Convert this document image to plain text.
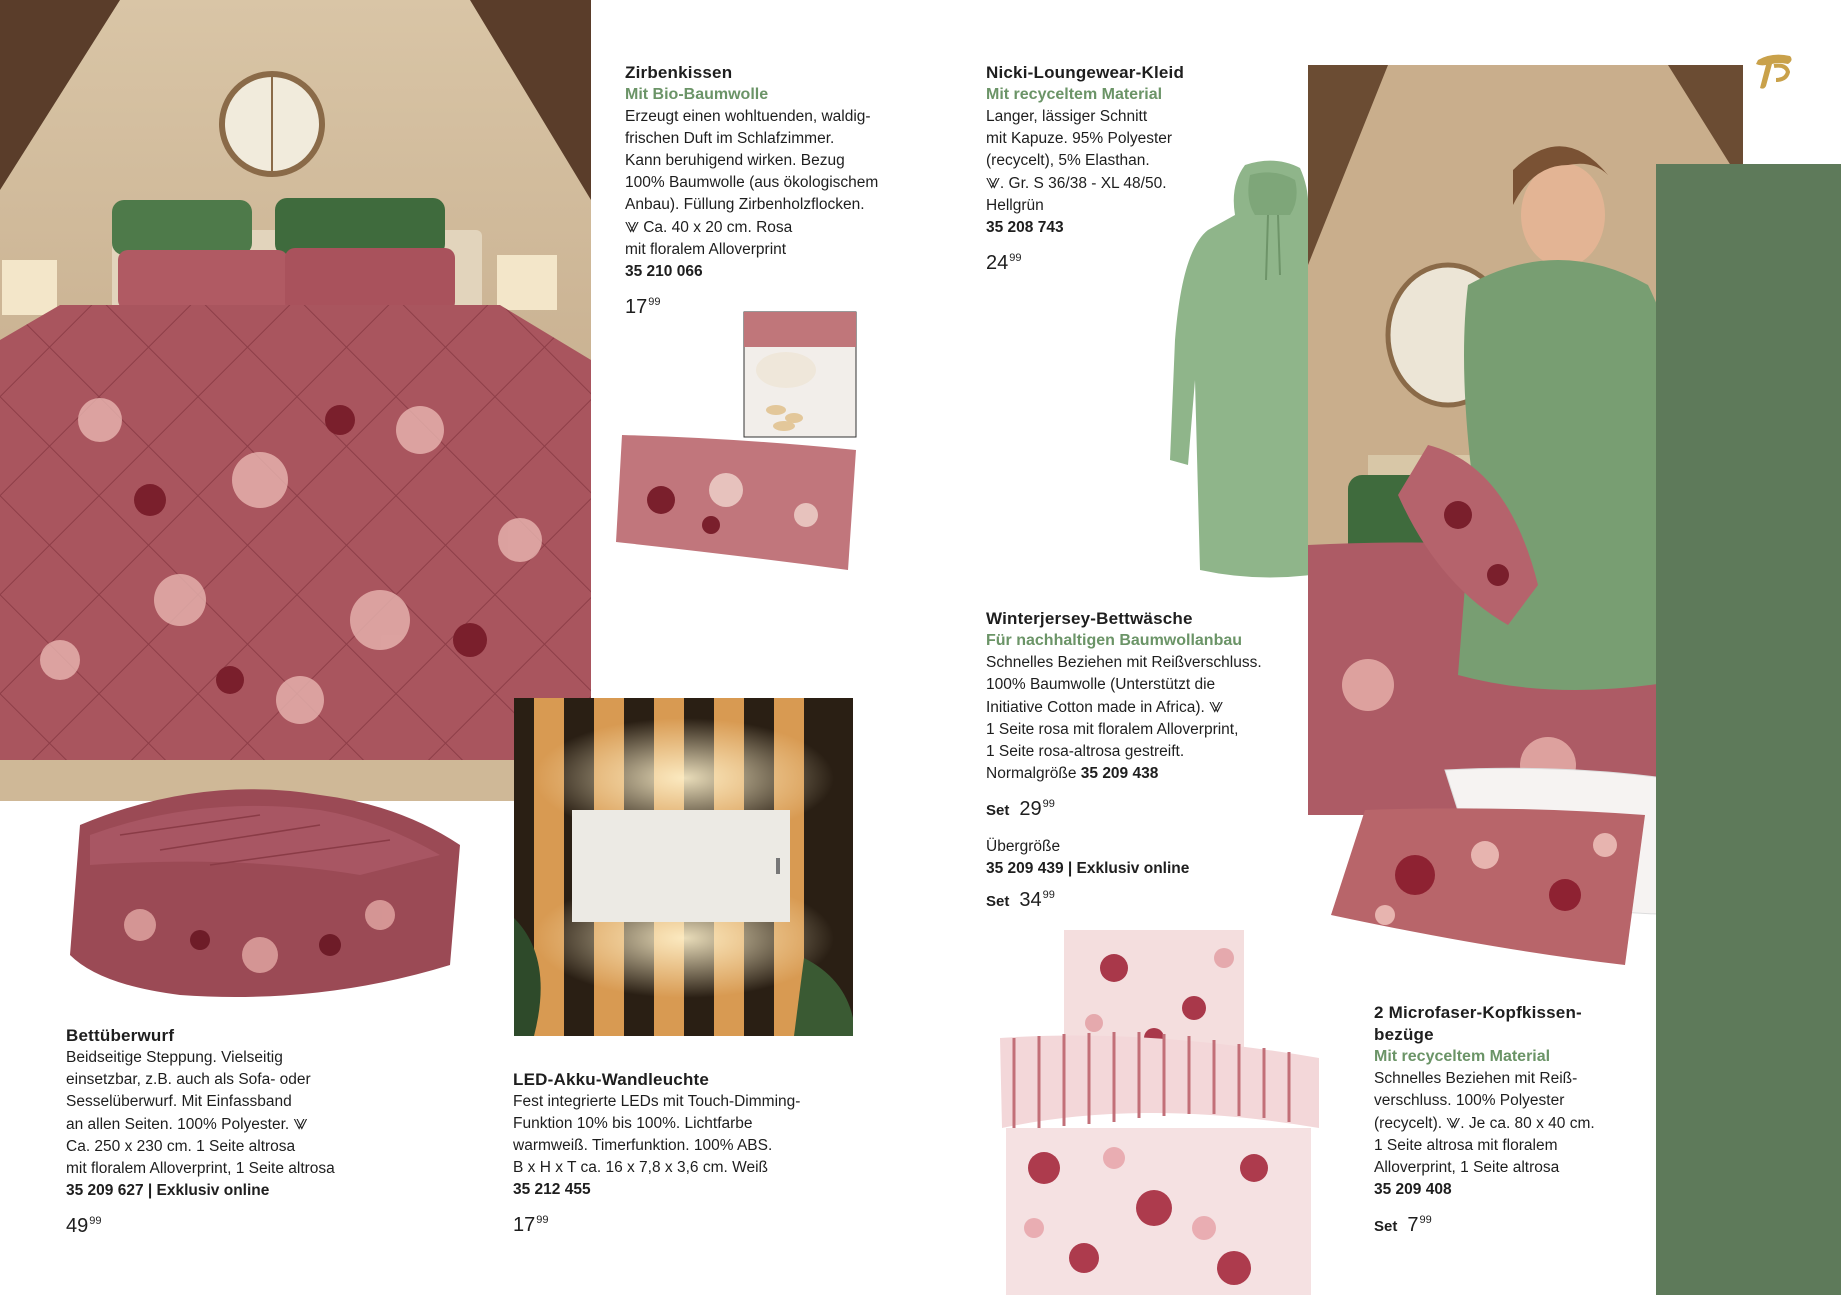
Zirbenkissen
Mit Bio-Baumwolle
Erzeugt einen wohltuenden, waldig-
frischen Duft im Schlafzimmer.
Kann beruhigend wirken. Bezug
100% Baumwolle (aus ökologischem
Anbau). Füllung Zirbenholzflocken.
⨈ Ca. 40 x 20 cm. Rosa
mit floralem Alloverprint
35 210 066
$17^{99}$
Nicki-Loungewear-Kleid
Mit recyceltem Material
Langer, lässiger Schnitt
mit Kapuze. 95% Polyester
(recycelt), 5% Elasthan.
⨈. Gr. S 36/38 - XL 48/50.
Hellgrün
35 208 743
$24^{99}$
Winterjersey-Bettwäsche
Für nachhaltigen Baumwollanbau
Schnelles Beziehen mit Reißverschluss.
100% Baumwolle (Unterstützt die
Initiative Cotton made in Africa). ⨈
1 Seite rosa mit floralem Alloverprint,
1 Seite rosa-altrosa gestreift.
Normalgröße 35 209 438
Set $29^{99}$
Übergröße
35 209 439 | Exklusiv online
Set $34^{99}$
Bettüberwurf
Beidseitige Steppung. Vielseitig
einsetzbar, z.B. auch als Sofa- oder
Sesselüberwurf. Mit Einfassband
an allen Seiten. 100% Polyester. ⨈
Ca. 250 x 230 cm. 1 Seite altrosa
mit floralem Alloverprint, 1 Seite altrosa
35 209 627 | Exklusiv online
$49^{99}$
LED-Akku-Wandleuchte
Fest integrierte LEDs mit Touch-Dimming-
Funktion 10% bis 100%. Lichtfarbe
warmweiß. Timerfunktion. 100% ABS.
B x H x T ca. 16 x 7,8 x 3,6 cm. Weiß
35 212 455
$17^{99}$
2 Microfaser-Kopfkissen-
bezüge
Mit recyceltem Material
Schnelles Beziehen mit Reiß-
verschluss. 100% Polyester
(recycelt). ⨈. Je ca. 80 x 40 cm.
1 Seite altrosa mit floralem
Alloverprint, 1 Seite altrosa
35 209 408
Set $7^{99}$
